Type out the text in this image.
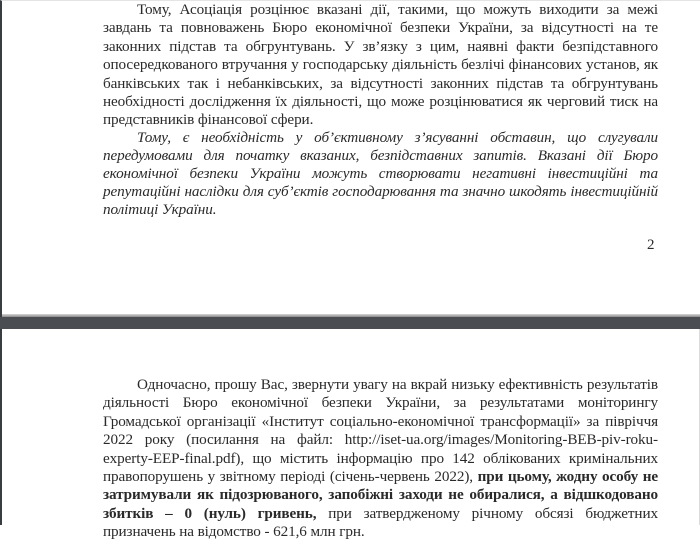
Тому, Асоціація розцінює вказані дії, такими, що можуть виходити за межі завдань та повноважень Бюро економічної безпеки України, за відсутності на те законних підстав та обгрунтувань. У зв’язку з цим, наявні факти безпідставного опосередкованого втручання у господарську діяльність безлічі фінансових установ, як банківських так і небанківських, за відсутності законних підстав та обгрунтувань необхідності дослідження їх діяльності, що може розцінюватися як черговий тиск на представників фінансової сфери.

Тому, є необхідність у об’єктивному з’ясуванні обставин, що слугували передумовами для початку вказаних, безпідставних запитів. Вказані дії Бюро економічної безпеки України можуть створювати негативні інвестиційні та репутаційні наслідки для суб’єктів господарювання та значно шкодять інвестиційній політиці України.

2

Одночасно, прошу Вас, звернути увагу на вкрай низьку ефективність результатів діяльності Бюро економічної безпеки України, за результатами моніторингу Громадської організації «Інститут соціально-економічної трансформації» за півріччя 2022 року (посилання на файл: http://iset-ua.org/images/Monitoring-BEB-piv-roku-experty-EEP-final.pdf), що містить інформацію про 142 облікованих кримінальних правопорушень у звітному періоді (січень-червень 2022), при цьому, жодну особу не затримували як підозрюваного, запобіжні заходи не обиралися, а відшкодовано збитків – 0 (нуль) гривень, при затвердженому річному обсязі бюджетних призначень на відомство - 621,6 млн грн.
